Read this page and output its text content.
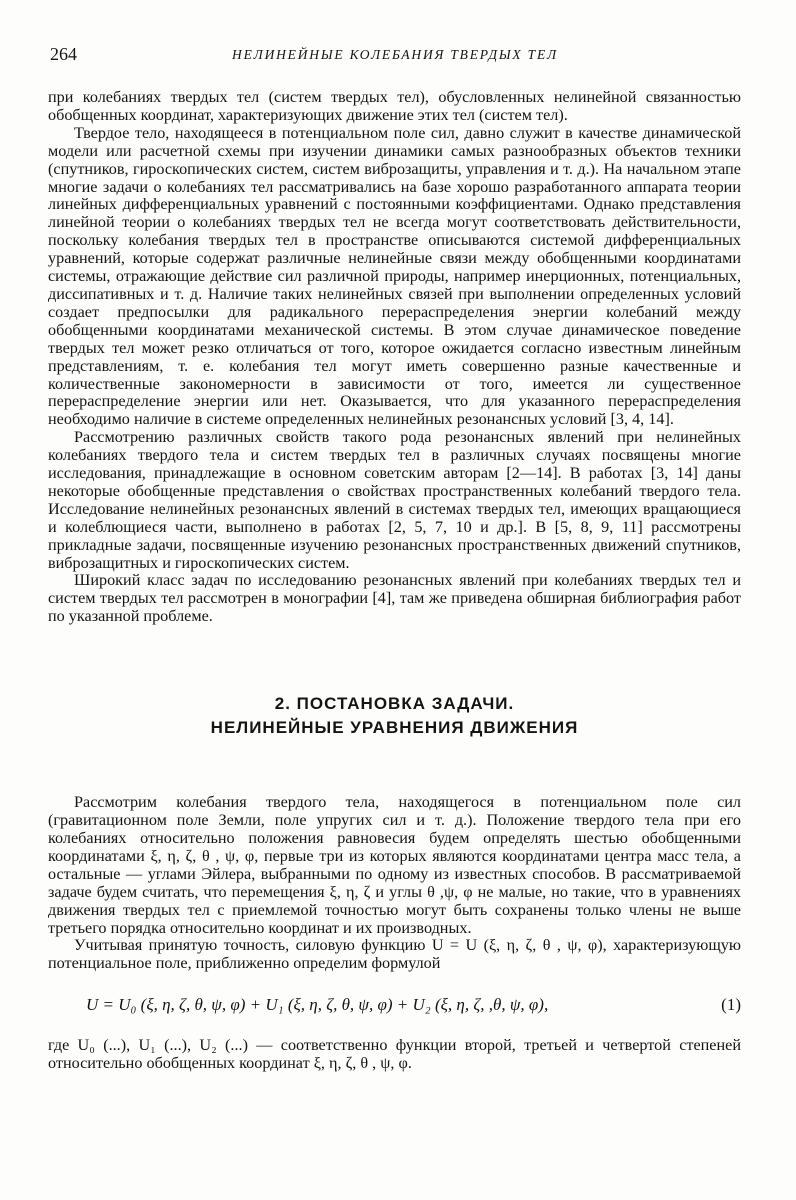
264	НЕЛИНЕЙНЫЕ КОЛЕБАНИЯ ТВЕРДЫХ ТЕЛ

при колебаниях твердых тел (систем твердых тел), обусловленных нелинейной связанностью обобщенных координат, характеризующих движение этих тел (систем тел).

Твердое тело, находящееся в потенциальном поле сил, давно служит в качестве динамической модели или расчетной схемы при изучении динамики самых разнообразных объектов техники (спутников, гироскопических систем, систем виброзащиты, управления и т. д.). На начальном этапе многие задачи о колебаниях тел рассматривались на базе хорошо разработанного аппарата теории линейных дифференциальных уравнений с постоянными коэффициентами. Однако представления линейной теории о колебаниях твердых тел не всегда могут соответствовать действительности, поскольку колебания твердых тел в пространстве описываются системой дифференциальных уравнений, которые содержат различные нелинейные связи между обобщенными координатами системы, отражающие действие сил различной природы, например инерционных, потенциальных, диссипативных и т. д. Наличие таких нелинейных связей при выполнении определенных условий создает предпосылки для радикального перераспределения энергии колебаний между обобщенными координатами механической системы. В этом случае динамическое поведение твердых тел может резко отличаться от того, которое ожидается согласно известным линейным представлениям, т. е. колебания тел могут иметь совершенно разные качественные и количественные закономерности в зависимости от того, имеется ли существенное перераспределение энергии или нет. Оказывается, что для указанного перераспределения необходимо наличие в системе определенных нелинейных резонансных условий [3, 4, 14].

Рассмотрению различных свойств такого рода резонансных явлений при нелинейных колебаниях твердого тела и систем твердых тел в различных случаях посвящены многие исследования, принадлежащие в основном советским авторам [2—14]. В работах [3, 14] даны некоторые обобщенные представления о свойствах пространственных колебаний твердого тела. Исследование нелинейных резонансных явлений в системах твердых тел, имеющих вращающиеся и колеблющиеся части, выполнено в работах [2, 5, 7, 10 и др.]. В [5, 8, 9, 11] рассмотрены прикладные задачи, посвященные изучению резонансных пространственных движений спутников, виброзащитных и гироскопических систем.

Широкий класс задач по исследованию резонансных явлений при колебаниях твердых тел и систем твердых тел рассмотрен в монографии [4], там же приведена обширная библиография работ по указанной проблеме.

2. ПОСТАНОВКА ЗАДАЧИ.
НЕЛИНЕЙНЫЕ УРАВНЕНИЯ ДВИЖЕНИЯ

Рассмотрим колебания твердого тела, находящегося в потенциальном поле сил (гравитационном поле Земли, поле упругих сил и т. д.). Положение твердого тела при его колебаниях относительно положения равновесия будем определять шестью обобщенными координатами ξ, η, ζ, θ , ψ, φ, первые три из которых являются координатами центра масс тела, а остальные — углами Эйлера, выбранными по одному из известных способов. В рассматриваемой задаче будем считать, что перемещения ξ, η, ζ и углы θ ,ψ, φ не малые, но такие, что в уравнениях движения твердых тел с приемлемой точностью могут быть сохранены только члены не выше третьего порядка относительно координат и их производных.

Учитывая принятую точность, силовую функцию U = U (ξ, η, ζ, θ , ψ, φ), характеризующую потенциальное поле, приближенно определим формулой

U = U₀ (ξ, η, ζ, θ, ψ, φ) + U₁ (ξ, η, ζ, θ, ψ, φ) + U₂ (ξ, η, ζ, ,θ, ψ, φ),	(1)

где U₀ (...), U₁ (...), U₂ (...) — соответственно функции второй, третьей и четвертой степеней относительно обобщенных координат ξ, η, ζ, θ , ψ, φ.
